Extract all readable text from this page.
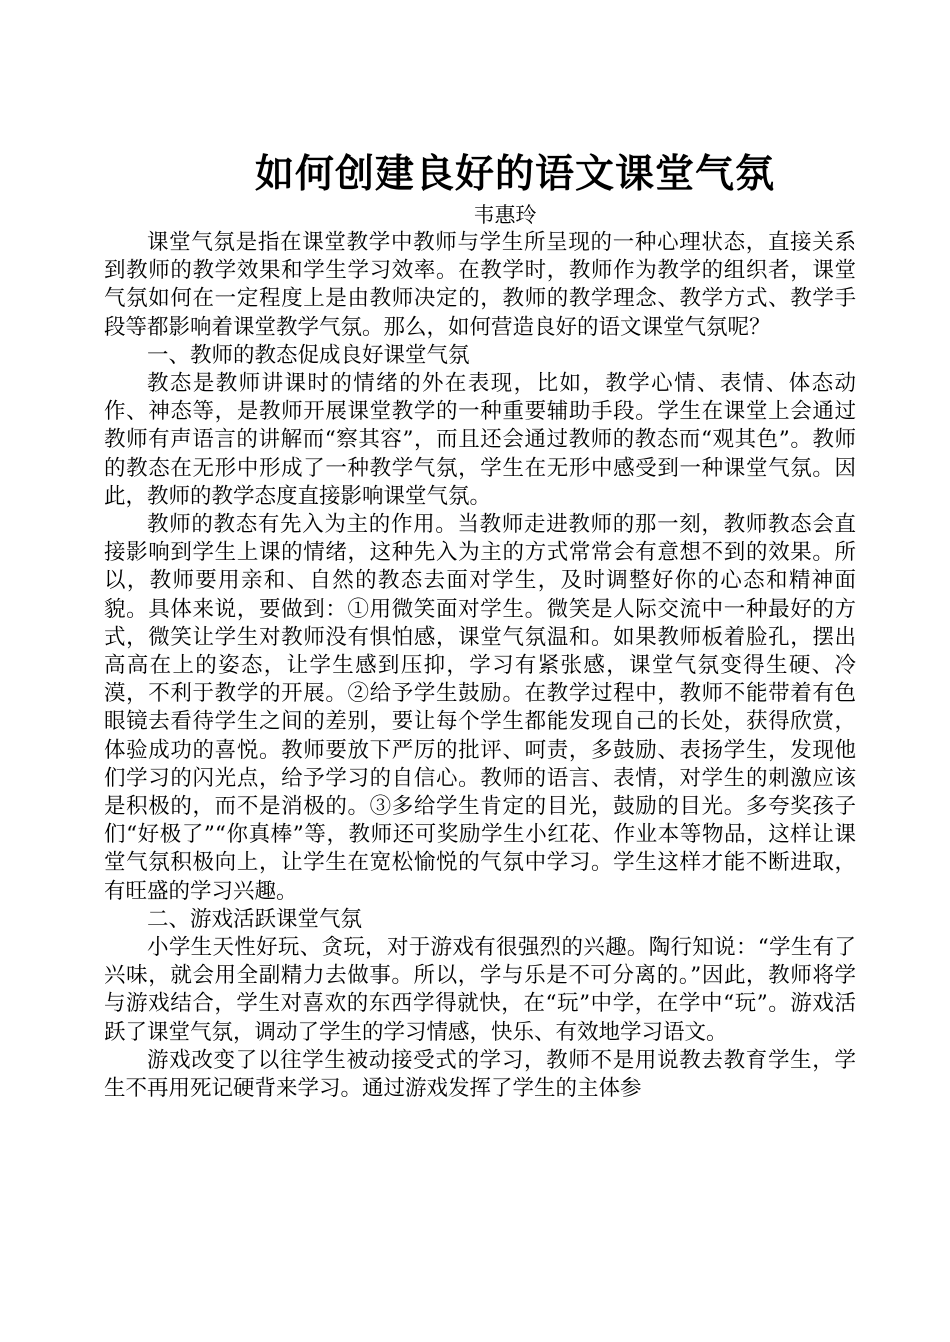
如何创建良好的语文课堂气氛
韦惠玲

课堂气氛是指在课堂教学中教师与学生所呈现的一种心理状态，直接关系到教师的教学效果和学生学习效率。在教学时，教师作为教学的组织者，课堂气氛如何在一定程度上是由教师决定的，教师的教学理念、教学方式、教学手段等都影响着课堂教学气氛。那么，如何营造良好的语文课堂气氛呢？

一、教师的教态促成良好课堂气氛

教态是教师讲课时的情绪的外在表现，比如，教学心情、表情、体态动作、神态等，是教师开展课堂教学的一种重要辅助手段。学生在课堂上会通过教师有声语言的讲解而“察其容”，而且还会通过教师的教态而“观其色”。教师的教态在无形中形成了一种教学气氛，学生在无形中感受到一种课堂气氛。因此，教师的教学态度直接影响课堂气氛。

教师的教态有先入为主的作用。当教师走进教师的那一刻，教师教态会直接影响到学生上课的情绪，这种先入为主的方式常常会有意想不到的效果。所以，教师要用亲和、自然的教态去面对学生，及时调整好你的心态和精神面貌。具体来说，要做到：①用微笑面对学生。微笑是人际交流中一种最好的方式，微笑让学生对教师没有惧怕感，课堂气氛温和。如果教师板着脸孔，摆出高高在上的姿态，让学生感到压抑，学习有紧张感，课堂气氛变得生硬、冷漠，不利于教学的开展。②给予学生鼓励。在教学过程中，教师不能带着有色眼镜去看待学生之间的差别，要让每个学生都能发现自己的长处，获得欣赏，体验成功的喜悦。教师要放下严厉的批评、呵责，多鼓励、表扬学生，发现他们学习的闪光点，给予学习的自信心。教师的语言、表情，对学生的刺激应该是积极的，而不是消极的。③多给学生肯定的目光，鼓励的目光。多夸奖孩子们“好极了”“你真棒”等，教师还可奖励学生小红花、作业本等物品，这样让课堂气氛积极向上，让学生在宽松愉悦的气氛中学习。学生这样才能不断进取，有旺盛的学习兴趣。

二、游戏活跃课堂气氛

小学生天性好玩、贪玩，对于游戏有很强烈的兴趣。陶行知说：“学生有了兴味，就会用全副精力去做事。所以，学与乐是不可分离的。”因此，教师将学与游戏结合，学生对喜欢的东西学得就快，在“玩”中学，在学中“玩”。游戏活跃了课堂气氛，调动了学生的学习情感，快乐、有效地学习语文。

游戏改变了以往学生被动接受式的学习，教师不是用说教去教育学生，学生不再用死记硬背来学习。通过游戏发挥了学生的主体参
